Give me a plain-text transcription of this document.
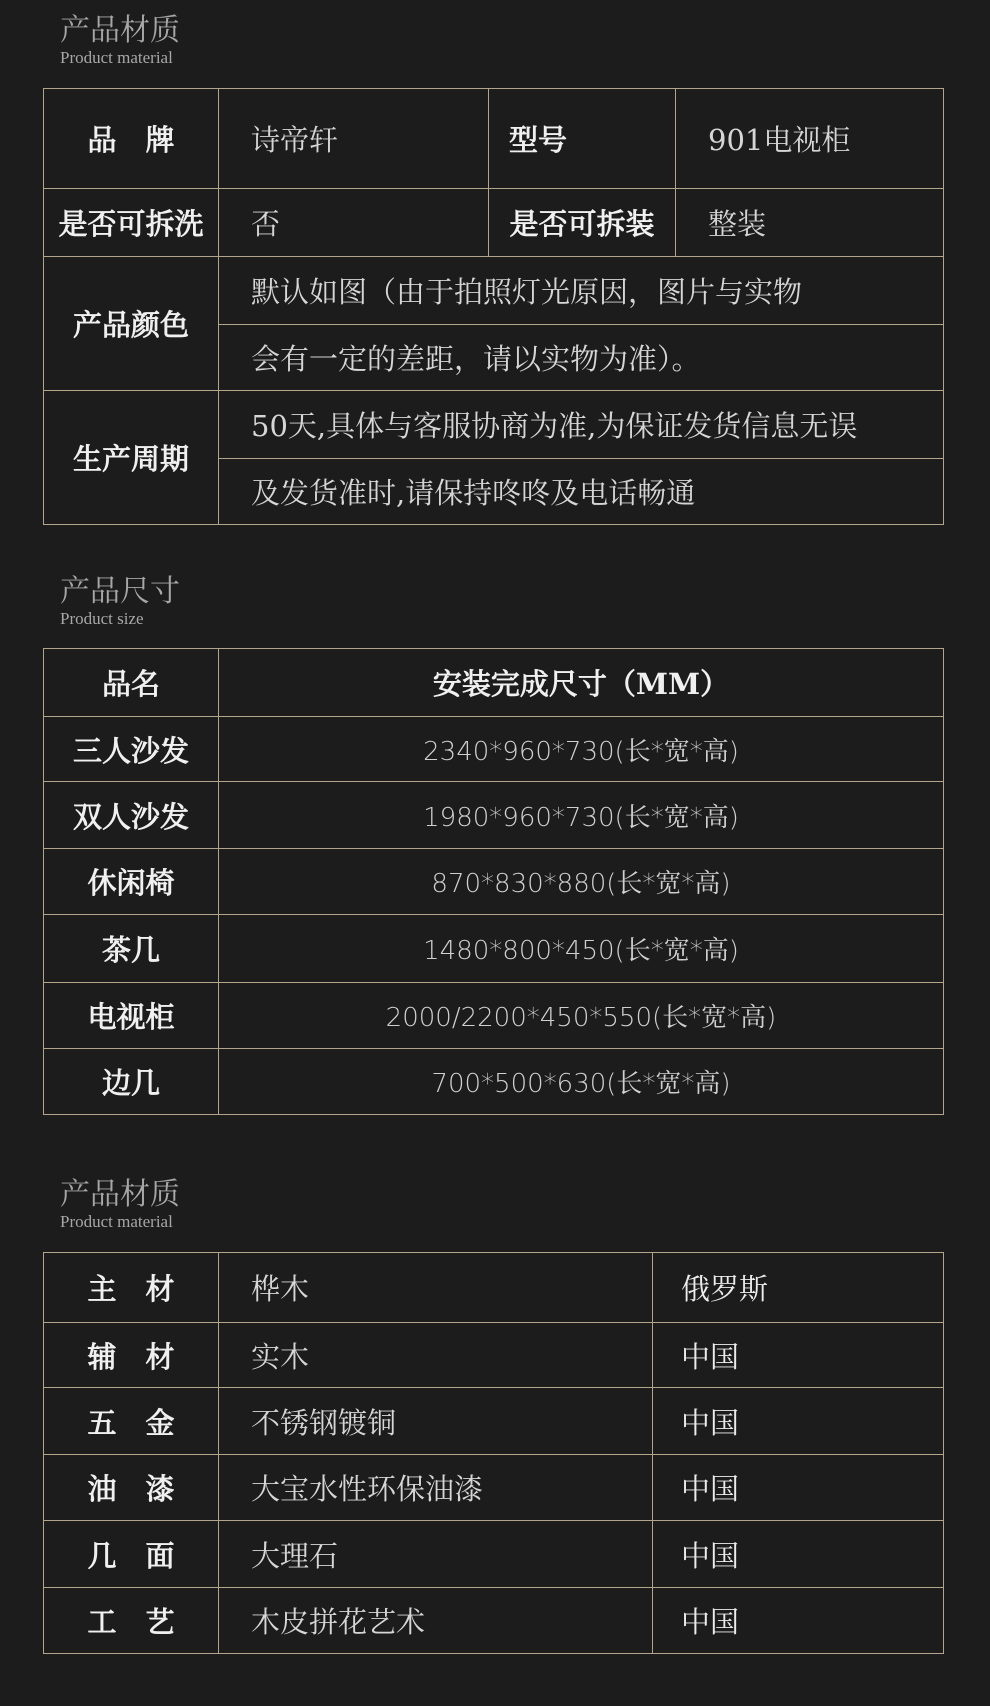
产品材质
Product material
品　牌	诗帝轩	型号	901电视柜
是否可拆洗	否	是否可拆装	整装
产品颜色	默认如图（由于拍照灯光原因，图片与实物		
	会有一定的差距，请以实物为准）。		
生产周期	50天,具体与客服协商为准,为保证发货信息无误		
	及发货准时,请保持咚咚及电话畅通		
产品尺寸
Product size
品名	安装完成尺寸（MM）
三人沙发	2340*960*730(长*宽*高)
双人沙发	1980*960*730(长*宽*高)
休闲椅	870*830*880(长*宽*高)
茶几	1480*800*450(长*宽*高)
电视柜	2000/2200*450*550(长*宽*高)
边几	700*500*630(长*宽*高)
产品材质
Product material
主　材	桦木	俄罗斯
辅　材	实木	中国
五　金	不锈钢镀铜	中国
油　漆	大宝水性环保油漆	中国
几　面	大理石	中国
工　艺	木皮拼花艺术	中国
